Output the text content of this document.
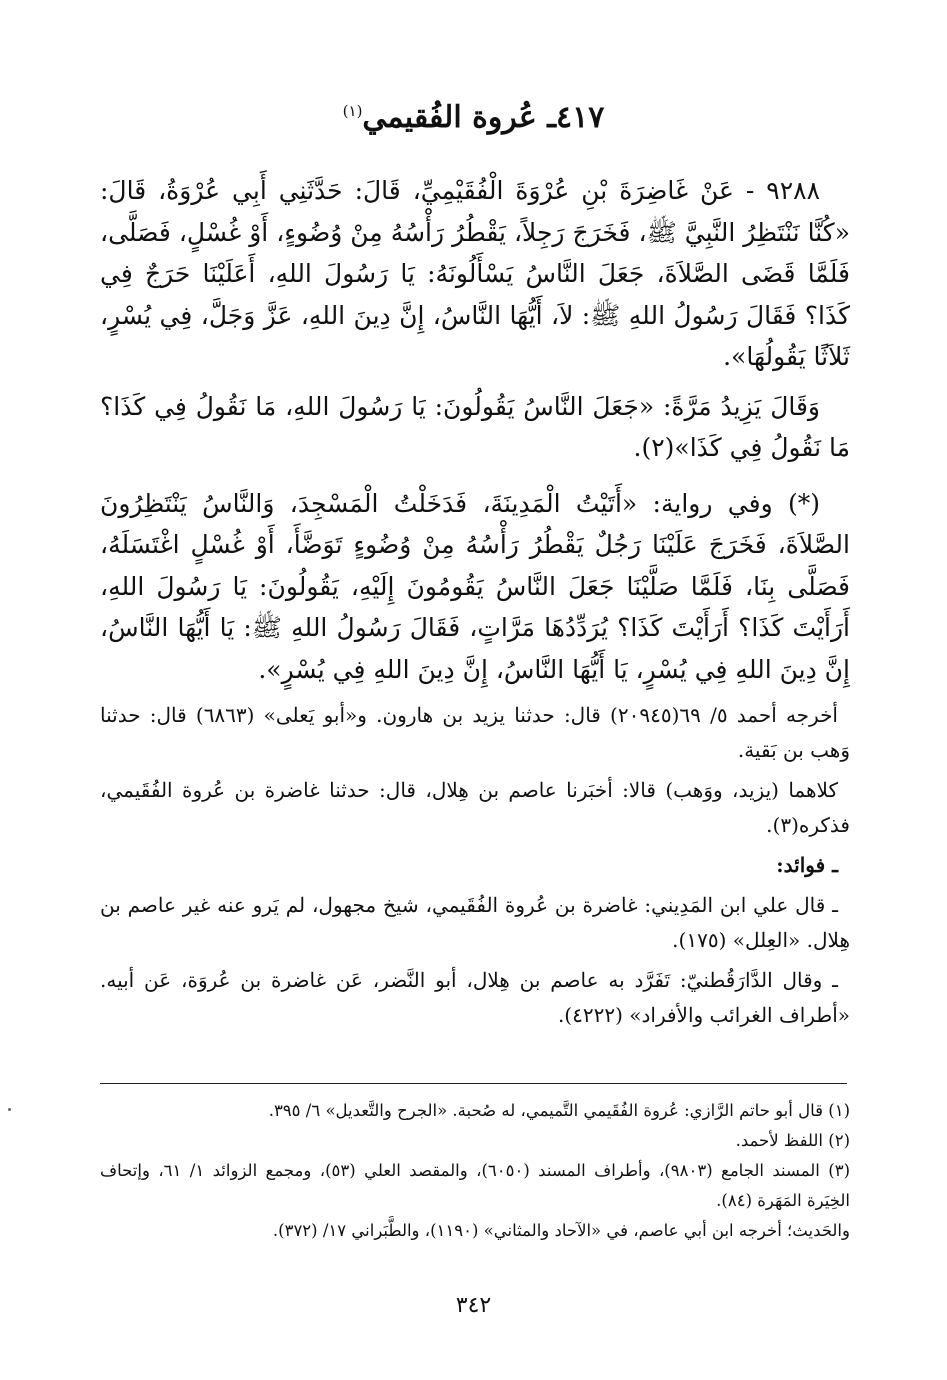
٤١٧ـ عُروة الفُقيمي$^{(١)}$

٩٢٨٨ - عَنْ غَاضِرَةَ بْنِ عُرْوَةَ الْفُقَيْمِيِّ، قَالَ: حَدَّثَنِي أَبِي عُرْوَةُ، قَالَ: «كُنَّا نَنْتَظِرُ النَّبِيَّ ﷺ، فَخَرَجَ رَجِلاً، يَقْطُرُ رَأْسُهُ مِنْ وُضُوءٍ، أَوْ غُسْلٍ، فَصَلَّى، فَلَمَّا قَضَى الصَّلاَةَ، جَعَلَ النَّاسُ يَسْأَلُونَهُ: يَا رَسُولَ اللهِ، أَعَلَيْنَا حَرَجٌ فِي كَذَا؟ فَقَالَ رَسُولُ اللهِ ﷺ: لاَ، أَيُّهَا النَّاسُ، إِنَّ دِينَ اللهِ، عَزَّ وَجَلَّ، فِي يُسْرٍ، ثَلاَثًا يَقُولُهَا».

وَقَالَ يَزِيدُ مَرَّةً: «جَعَلَ النَّاسُ يَقُولُونَ: يَا رَسُولَ اللهِ، مَا نَقُولُ فِي كَذَا؟ مَا نَقُولُ فِي كَذَا»(٢).

(*) وفي رواية: «أَتَيْتُ الْمَدِينَةَ، فَدَخَلْتُ الْمَسْجِدَ، وَالنَّاسُ يَنْتَظِرُونَ الصَّلاَةَ، فَخَرَجَ عَلَيْنَا رَجُلٌ يَقْطُرُ رَأْسُهُ مِنْ وُضُوءٍ تَوَضَّأَ، أَوْ غُسْلٍ اغْتَسَلَهُ، فَصَلَّى بِنَا، فَلَمَّا صَلَّيْنَا جَعَلَ النَّاسُ يَقُومُونَ إِلَيْهِ، يَقُولُونَ: يَا رَسُولَ اللهِ، أَرَأَيْتَ كَذَا؟ أَرَأَيْتَ كَذَا؟ يُرَدِّدُهَا مَرَّاتٍ، فَقَالَ رَسُولُ اللهِ ﷺ: يَا أَيُّهَا النَّاسُ، إِنَّ دِينَ اللهِ فِي يُسْرٍ، يَا أَيُّهَا النَّاسُ، إِنَّ دِينَ اللهِ فِي يُسْرٍ».

أخرجه أحمد ٥/ ٦٩(٢٠٩٤٥) قال: حدثنا يزيد بن هارون. و«أبو يَعلى» (٦٨٦٣) قال: حدثنا وَهب بن بَقية.

كلاهما (يزيد، ووَهب) قالا: أخبَرنا عاصم بن هِلال، قال: حدثنا غاضرة بن عُروة الفُقَيمي، فذكره(٣).

ـ فوائد:

ـ قال علي ابن المَدِيني: غاضرة بن عُروة الفُقَيمي، شيخ مجهول، لم يَرو عنه غير عاصم بن هِلال. «العِلل» (١٧٥).

ـ وقال الدَّارَقُطنيّ: تَفَرَّد به عاصم بن هِلال، أبو النَّضر، عَن غاضرة بن عُروَة، عَن أبيه. «أطراف الغرائب والأفراد» (٤٢٢٢).

(١) قال أبو حاتم الرَّازي: عُروة الفُقَيمي التَّميمي، له صُحبة. «الجرح والتَّعديل» ٦/ ٣٩٥.

(٢) اللفظ لأحمد.

(٣) المسند الجامع (٩٨٠٣)، وأطراف المسند (٦٠٥٠)، والمقصد العلي (٥٣)، ومجمع الزوائد ١/ ٦١، وإتحاف الخِيَرة المَهَرة (٨٤).

والحَديث؛ أخرجه ابن أبي عاصم، في «الآحاد والمثاني» (١١٩٠)، والطَّبَراني ١٧/ (٣٧٢).

٣٤٢
